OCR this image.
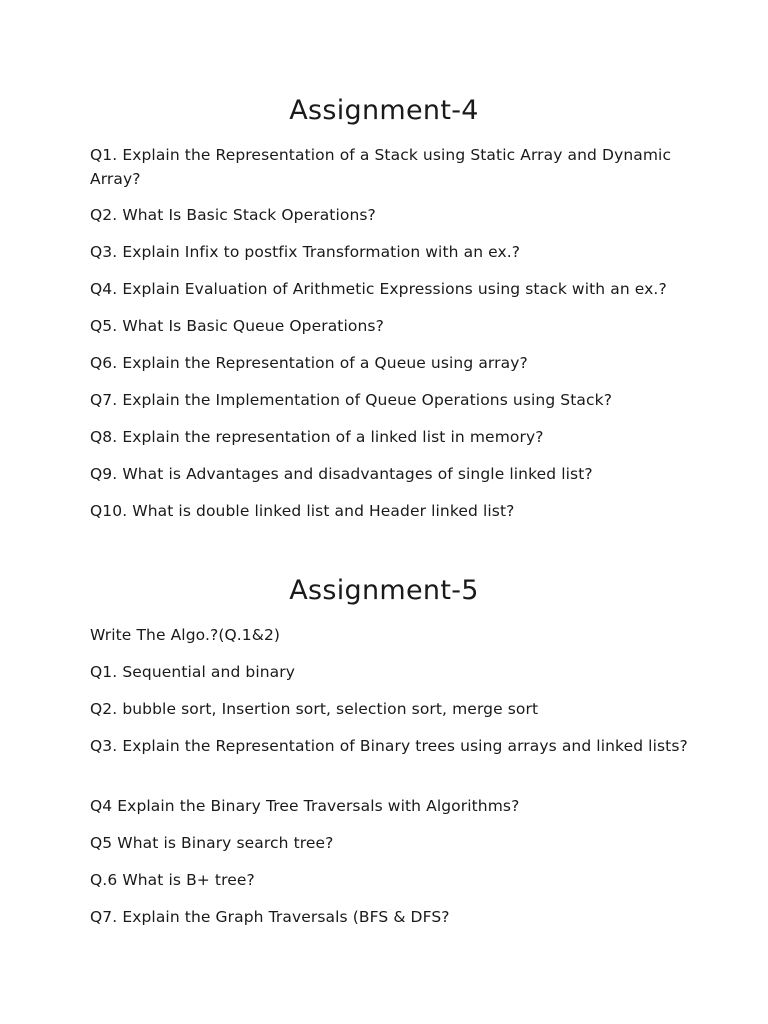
Assignment-4

Q1. Explain the Representation of a Stack using Static Array and Dynamic Array?

Q2. What Is Basic Stack Operations?

Q3. Explain Infix to postfix Transformation with an ex.?

Q4. Explain Evaluation of Arithmetic Expressions using stack with an ex.?

Q5. What Is Basic Queue Operations?

Q6. Explain the Representation of a Queue using array?

Q7. Explain the Implementation of Queue Operations using Stack?

Q8. Explain the representation of a linked list in memory?

Q9. What is Advantages and disadvantages of single linked list?

Q10. What is double linked list and Header linked list?

Assignment-5

Write The Algo.?(Q.1&2)

Q1. Sequential and binary

Q2. bubble sort, Insertion sort, selection sort, merge sort

Q3. Explain the Representation of Binary trees using arrays and linked lists?

Q4 Explain the Binary Tree Traversals with Algorithms?

Q5 What is Binary search tree?

Q.6 What is B+ tree?

Q7. Explain the Graph Traversals (BFS & DFS?
